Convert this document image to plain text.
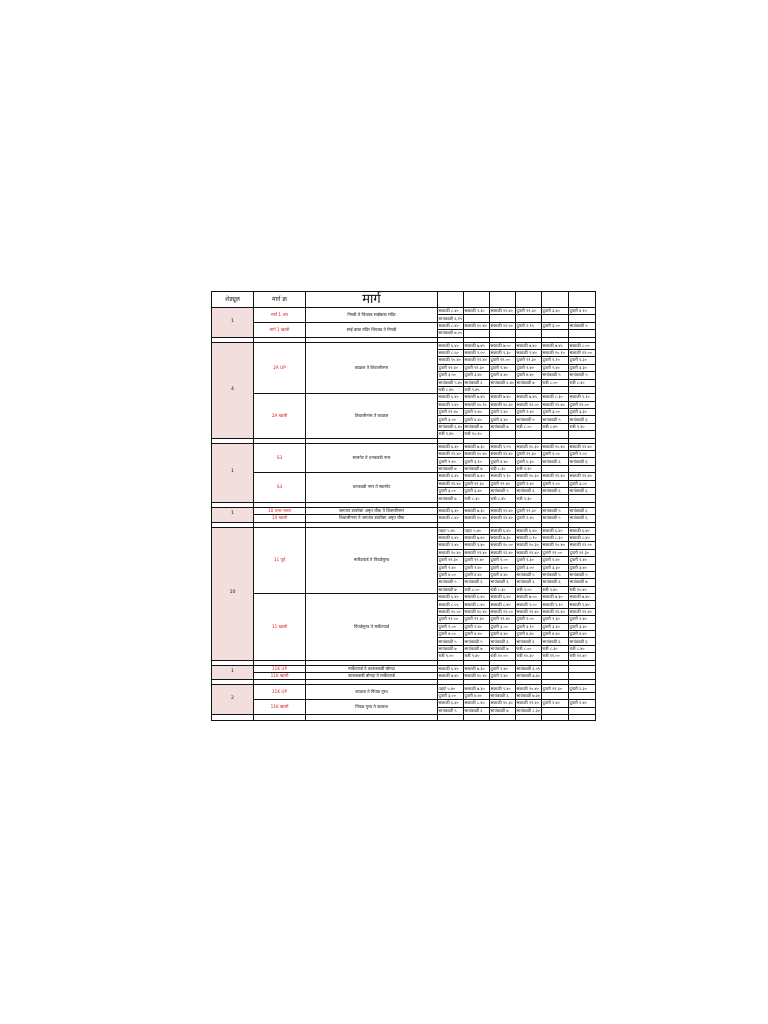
शेड्यूल	मार्ग क्र	मार्ग						
1	मार्ग 1 अप	निगडी ते चिंचवड साईबाबा मंदिर	सकाळी ८.४०	सकाळी ९.३०	सकाळी ११.४०	दुपारी १२.३०	दुपारी ३.३०	दुपारी ४.१०
			सायंकाळी ६.१५					
	मार्ग 1 खाली	साई बाबा मंदिर चिंचवड ते निगडी	सकाळी ८.४०	सकाळी १०.४०	सकाळी ११.५०	दुपारी १.१५	दुपारी ३.००	सायंकाळी ५
			सायंकाळी ७.००					

4	2A UP	काळज ते शिवाजीनगर	सकाळी ६.४०	सकाळी ७.४५	सकाळी ७.००	सकाळी ७.४०	सकाळी ७.४०	सकाळी ८.००
			सकाळी ८.५०	सकाळी ९.००	सकाळी ९.३०	सकाळी ९.४०	सकाळी १०.१०	सकाळी ११.००
			सकाळी १०.४०	सकाळी ११.४०	दुपारी १२.००	दुपारी १२.३०	दुपारी १.१०	दुपारी १.३०
			दुपारी १२.४०	दुपारी १२.३०	दुपारी १.४०	दुपारी १.४०	दुपारी २.४०	दुपारी ३.३०
			दुपारी ३.५०	दुपारी ३.४०	दुपारी ४.४०	दुपारी ४.४०	सायंकाळी ५	सायंकाळी ५
			सायंकाळी ५.४०	सायंकाळी ६	सायंकाळी ६.४०	सायंकाळी ७	रात्री ८.००	रात्री ८.३०
			रात्री ८.४५	रात्री ९.४५				
	2A खाली	शिवाजीनगर ते काळज	सकाळी ६.४०	सकाळी ७.४५	सकाळी ७.४०	सकाळी ७.४५	सकाळी ८.३०	सकाळी ९.१०
			सकाळी ९.४०	सकाळी १०.२०	सकाळी १०.३०	सकाळी ११.००	सकाळी ११.४०	दुपारी १२.००
			दुपारी १२.४०	दुपारी १.४०	दुपारी १.४०	दुपारी २.४०	दुपारी ३.००	दुपारी ३.३०
			दुपारी ३.५०	दुपारी ४.४०	दुपारी ४.४०	सायंकाळी ५	सायंकाळी ५	सायंकाळी ६
			सायंकाळी ६.४०	सायंकाळी ७	सायंकाळी ७	रात्री ८.००	रात्री ८.४५	रात्री ९.१०
			रात्री ९.४५	रात्री १०.१०				

1	S3	स्वारगेट ते धनकवडी नगर	सकाळी ६.४०	सकाळी ७.३०	सकाळी ९.०५	सकाळी १०.३०	सकाळी १०.४०	सकाळी ११.४०
			सकाळी ११.४०	सकाळी १०.४०	सकाळी ११.४०	दुपारी १२.३०	दुपारी १.००	दुपारी २.००
			दुपारी २.४०	दुपारी ३.१०	दुपारी ४.४०	दुपारी ५.३०	सायंकाळी ६	सायंकाळी ६
			सायंकाळी ७	सायंकाळी ७	रात्री ८.३०	रात्री ९.१०		
	S3	धनकवडी नगर ते स्वारगेट	सकाळी ६.४०	सकाळी ७.४०	सकाळी ९.१०	सकाळी १०.३०	सकाळी ११.४०	सकाळी ११.४०
			सकाळी ११.४०	दुपारी १२.३०	दुपारी १२.४०	दुपारी १.४०	दुपारी २.००	दुपारी ३.००
			दुपारी ३.००	दुपारी ३.४०	सायंकाळी ५	सायंकाळी ६	सायंकाळी ६	सायंकाळी ६
			सायंकाळी ७	रात्री ८.३०	रात्री ८.४५	रात्री ९.३०		

1	10 उत्तर भारत	जगताप डायरेक्ट अमृत चौक ते शिवाजीनगर	सकाळी ६.४०	सकाळी ७.३०	सकाळी ११.४०	दुपारी १२.३०	सायंकाळी ५	सायंकाळी ६
	10 खाली	शिवाजीनगर ते जगताप डायरेक्ट अमृत चौक	सकाळी ८.४०	सकाळी १०.४०	सकाळी ११.४०	दुपारी १.४०	सायंकाळी ५	सायंकाळी ६

10	11 पूर्व	मार्केटयार्ड ते पिंपळेगुरव	पहाट ५.४०	पहाट ५.४०	सकाळी ६.४०	सकाळी ६.४०	सकाळी ६.४०	सकाळी ६.४०
			सकाळी ६.४०	सकाळी ७.४०	सकाळी ७.३०	सकाळी ८.१०	सकाळी ८.३०	सकाळी ८.४०
			सकाळी ९.४०	सकाळी ९.४०	सकाळी १०.००	सकाळी १०.३०	सकाळी १०.४०	सकाळी ११.००
			सकाळी १०.४०	सकाळी ११.४०	सकाळी ११.४०	सकाळी ११.४०	दुपारी १२.००	दुपारी १२.३०
			दुपारी १२.३०	दुपारी १२.४०	दुपारी १.००	दुपारी १.३०	दुपारी १.४०	दुपारी १.४०
			दुपारी २.४०	दुपारी २.४०	दुपारी ३.००	दुपारी ३.००	दुपारी ३.३०	दुपारी ३.४०
			दुपारी ४.००	दुपारी ४.४०	दुपारी ४.४०	सायंकाळी ५	सायंकाळी ५	सायंकाळी ५
			सायंकाळी ५	सायंकाळी ६	सायंकाळी ६	सायंकाळी ६	सायंकाळी ६	सायंकाळी ७
			सायंकाळी ७	रात्री ८.००	रात्री ८.३०	रात्री ९.००	रात्री ९.४०	रात्री १०.४०
	11 खाली	पिंपळेगुरव ते मार्केटयार्ड	सकाळी ६.४०	सकाळी ६.४०	सकाळी ६.४०	सकाळी ७.००	सकाळी ७.३०	सकाळी ७.४०
			सकाळी ८.००	सकाळी ८.४०	सकाळी ८.४०	सकाळी ९.००	सकाळी ९.१०	सकाळी ९.४०
			सकाळी १०.००	सकाळी १०.४०	सकाळी ११.००	सकाळी ११.४०	सकाळी ११.४०	सकाळी ११.४०
			दुपारी १२.००	दुपारी १२.३०	दुपारी १२.४०	दुपारी १.००	दुपारी १.३०	दुपारी १.४०
			दुपारी २.००	दुपारी २.४०	दुपारी ३.००	दुपारी ३.१०	दुपारी ३.३०	दुपारी ३.४०
			दुपारी ४.००	दुपारी ४.४०	दुपारी ४.४०	दुपारी ४.४०	दुपारी ४.४०	दुपारी ४.४०
			सायंकाळी ५	सायंकाळी ५	सायंकाळी ६	सायंकाळी ६	सायंकाळी ६	सायंकाळी ६
			सायंकाळी ७	सायंकाळी ७	सायंकाळी ७	रात्री ८.००	रात्री ८.३०	रात्री ८.४०
			रात्री ९.००	रात्री ९.४०	रात्री १०.००	रात्री १०.३०	रात्री ११.००	रात्री ११.४०

1	11K UP	मार्केटयार्ड ते कात्रजवाडी बोगदा	सकाळी ६.४०	सकाळी ७.३०	दुपारी १.४०	सायंकाळी ६.०५		
	11K खाली	कात्रजवाडी बोगदा ते मार्केटयार्ड	सकाळी ७.४०	सकाळी १०.४०	दुपारी २.४०	सायंकाळी ७.३०		

2	11K UP	काळज ते पिंपळ गुरव	पहाटे ५.४०	सकाळी ७.३०	सकाळी ९.४०	सकाळी १०.४०	दुपारी १२.३०	दुपारी १.३०
			दुपारी ३.००	दुपारी ४.४०	सायंकाळी ६	सायंकाळी ७.३०		
	11K खाली	पिंपळ गुरव ते काळज	सकाळी ६.४०	सकाळी ८.४०	सकाळी १०.३०	सकाळी ११.४०	दुपारी १.४०	दुपारी २.४०
			सायंकाळी ५	सायंकाळी ६	सायंकाळी ७	सायंकाळी ८.३०		
